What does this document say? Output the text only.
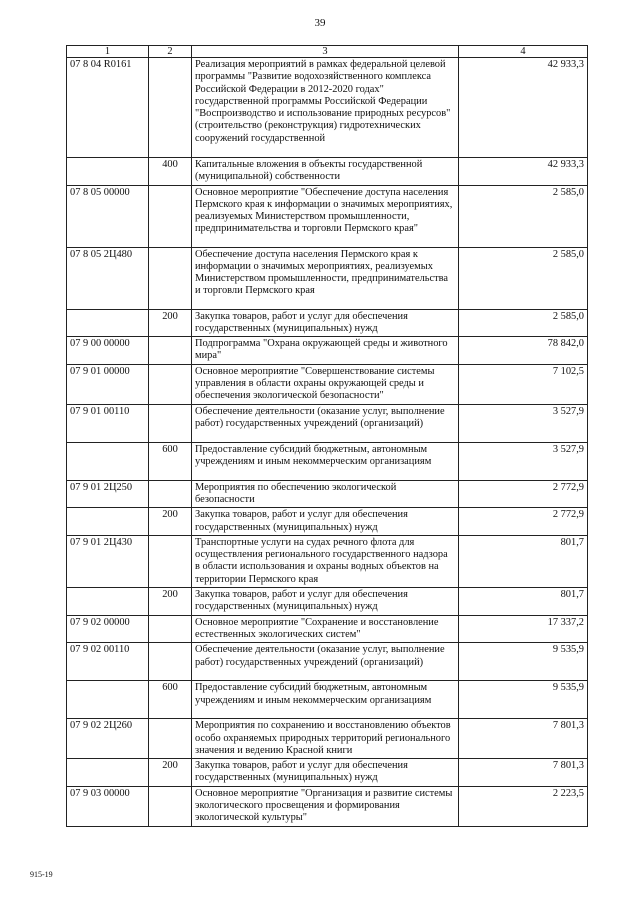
39
1	2	3	4
07 8 04 R0161		Реализация мероприятий в рамках федеральной целевой программы "Развитие водохозяйственного комплекса Российской Федерации в 2012-2020 годах" государственной программы Российской Федерации "Воспроизводство и использование природных ресурсов" (строительство (реконструкция) гидротехнических сооружений государственной	42 933,3
	400	Капитальные вложения в объекты государственной (муниципальной) собственности	42 933,3
07 8 05 00000		Основное мероприятие "Обеспечение доступа населения Пермского края к информации о значимых мероприятиях, реализуемых Министерством промышленности, предпринимательства и торговли Пермского края"	2 585,0
07 8 05 2Ц480		Обеспечение доступа населения Пермского края к информации о значимых мероприятиях, реализуемых Министерством промышленности, предпринимательства и торговли Пермского края	2 585,0
	200	Закупка товаров, работ и услуг для обеспечения государственных (муниципальных) нужд	2 585,0
07 9 00 00000		Подпрограмма "Охрана окружающей среды и животного мира"	78 842,0
07 9 01 00000		Основное мероприятие "Совершенствование системы управления в области охраны окружающей среды и обеспечения экологической безопасности"	7 102,5
07 9 01 00110		Обеспечение деятельности (оказание услуг, выполнение работ) государственных учреждений (организаций)	3 527,9
	600	Предоставление субсидий бюджетным, автономным учреждениям и иным некоммерческим организациям	3 527,9
07 9 01 2Ц250		Мероприятия по обеспечению экологической безопасности	2 772,9
	200	Закупка товаров, работ и услуг для обеспечения государственных (муниципальных) нужд	2 772,9
07 9 01 2Ц430		Транспортные услуги на судах речного флота для осуществления регионального государственного надзора в области использования и охраны водных объектов на территории Пермского края	801,7
	200	Закупка товаров, работ и услуг для обеспечения государственных (муниципальных) нужд	801,7
07 9 02 00000		Основное мероприятие "Сохранение и восстановление естественных экологических систем"	17 337,2
07 9 02 00110		Обеспечение деятельности (оказание услуг, выполнение работ) государственных учреждений (организаций)	9 535,9
	600	Предоставление субсидий бюджетным, автономным учреждениям и иным некоммерческим организациям	9 535,9
07 9 02 2Ц260		Мероприятия по сохранению и восстановлению объектов особо охраняемых природных территорий регионального значения и ведению Красной книги	7 801,3
	200	Закупка товаров, работ и услуг для обеспечения государственных (муниципальных) нужд	7 801,3
07 9 03 00000		Основное мероприятие "Организация и развитие системы экологического просвещения и формирования экологической культуры"	2 223,5
915-19
